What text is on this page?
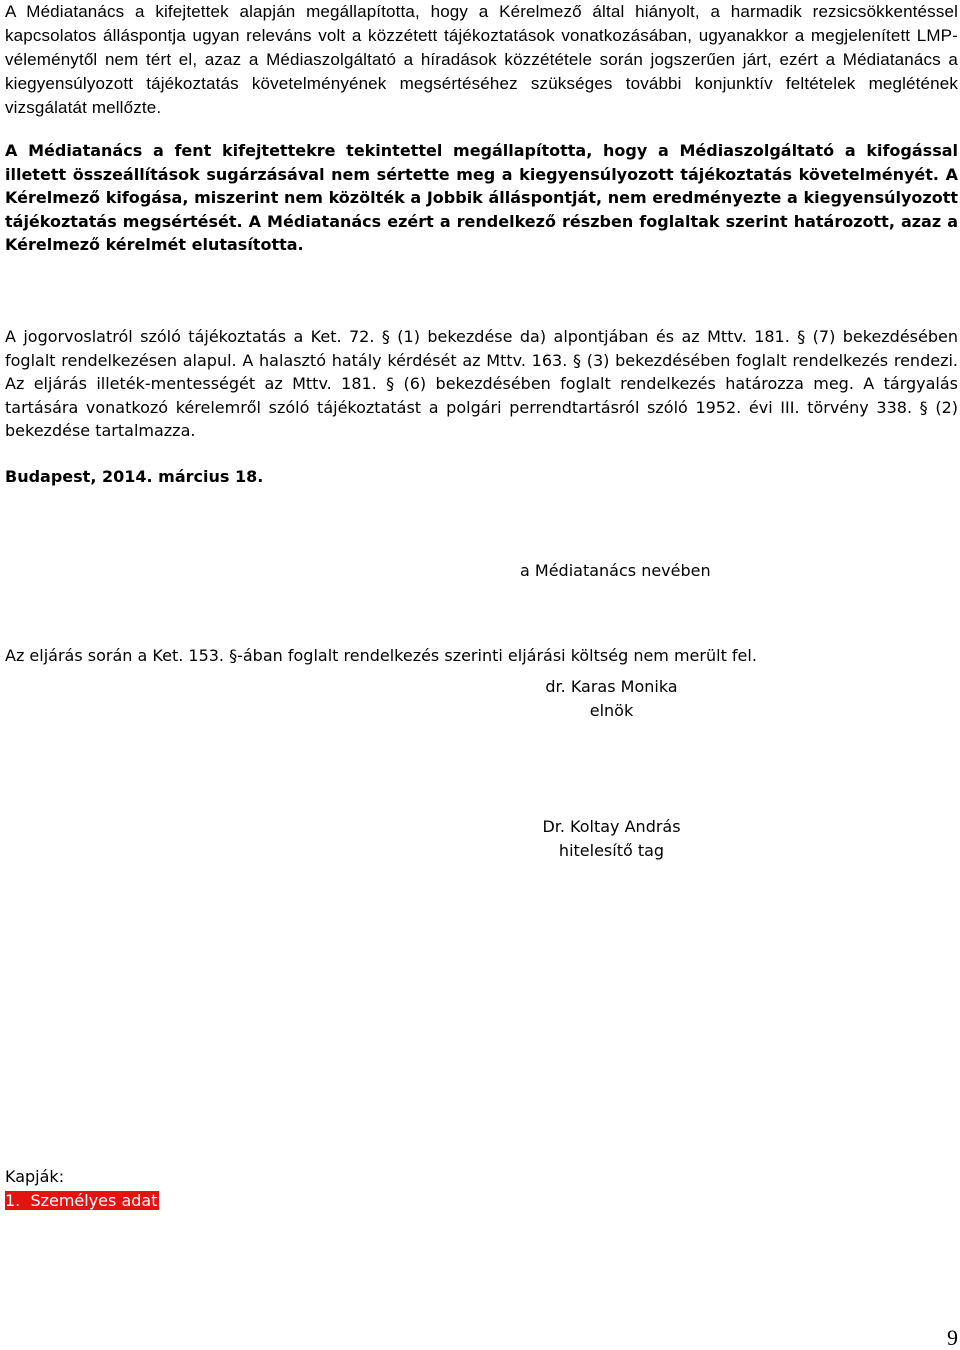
A Médiatanács a kifejtettek alapján megállapította, hogy a Kérelmező által hiányolt, a harmadik rezsicsökkentéssel kapcsolatos álláspontja ugyan releváns volt a közzétett tájékoztatások vonatkozásában, ugyanakkor a megjelenített LMP-véleménytől nem tért el, azaz a Médiaszolgáltató a híradások közzététele során jogszerűen járt, ezért a Médiatanács a kiegyensúlyozott tájékoztatás követelményének megsértéséhez szükséges további konjunktív feltételek meglétének vizsgálatát mellőzte.

A Médiatanács a fent kifejtettekre tekintettel megállapította, hogy a Médiaszolgáltató a kifogással illetett összeállítások sugárzásával nem sértette meg a kiegyensúlyozott tájékoztatás követelményét. A Kérelmező kifogása, miszerint nem közölték a Jobbik álláspontját, nem eredményezte a kiegyensúlyozott tájékoztatás megsértését. A Médiatanács ezért a rendelkező részben foglaltak szerint határozott, azaz a Kérelmező kérelmét elutasította.

Az eljárás során a Ket. 153. §-ában foglalt rendelkezés szerinti eljárási költség nem merült fel.

A jogorvoslatról szóló tájékoztatás a Ket. 72. § (1) bekezdése da) alpontjában és az Mttv. 181. § (7) bekezdésében foglalt rendelkezésen alapul. A halasztó hatály kérdését az Mttv. 163. § (3) bekezdésében foglalt rendelkezés rendezi. Az eljárás illeték-mentességét az Mttv. 181. § (6) bekezdésében foglalt rendelkezés határozza meg. A tárgyalás tartására vonatkozó kérelemről szóló tájékoztatást a polgári perrendtartásról szóló 1952. évi III. törvény 338. § (2) bekezdése tartalmazza.

Budapest, 2014. március 18.
a Médiatanács nevében
dr. Karas Monika
elnök
Dr. Koltay András
hitelesítő tag
Kapják:
1.  Személyes adat
9
